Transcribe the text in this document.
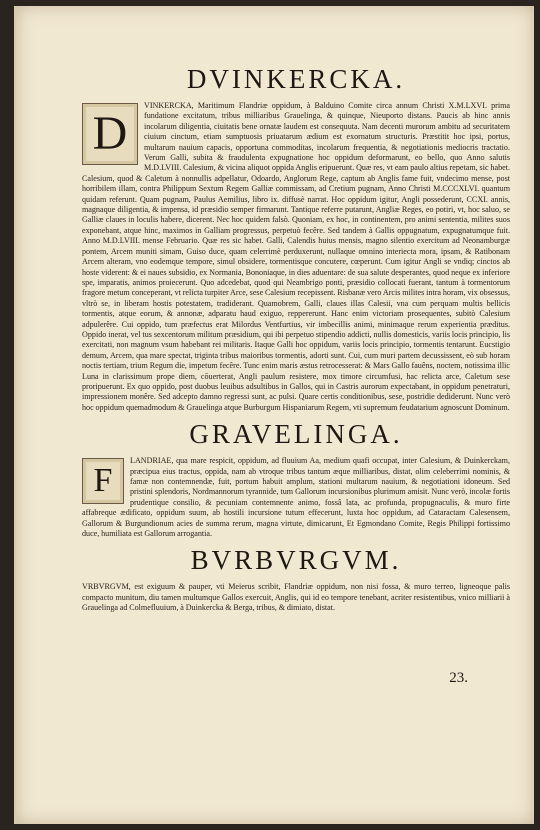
DVINKERCKA.
D

VINKERCKA, Maritimum Flandriæ oppidum, à Balduino Comite circa annum Christi X.M.LXVI. prima fundatione excitatum, tribus milliaribus Grauelinga, & quinque, Nieuporto distans. Paucis ab hinc annis incolarum diligentia, ciuitatis bene ornatæ laudem est consequuta. Nam decenti murorum ambitu ad securitatem ciuium cinctum, etiam sumptuosis priuatarum ædium est exornatum structuris. Præstitit hoc ipsi, portus, multarum nauium capacis, opportuna commoditas, incolarum frequentia, & negotiationis mediocris tractatio. Verum Galli, subita & fraudulenta expugnatione hoc oppidum deformarunt, eo bello, quo Anno salutis M.D.LVIII. Calesium, & vicina aliquot oppida Anglis eripuerunt. Quæ res, vt eam paulo altius repetam, sic habet. Calesium, quod & Caletum à nonnullis adpellatur, Odoardo, Anglorum Rege, captum ab Anglis fame fuit, vndecimo mense, post horribilem illam, contra Philippum Sextum Regem Galliæ commissam, ad Cretium pugnam, Anno Christi M.CCCXLVI. quantum quidam referunt. Quam pugnam, Paulus Aemilius, libro ix. diffusè narrat. Hoc oppidum igitur, Angli possederunt, CCXI. annis, magnaque diligentia, & impensa, id præsidio semper firmarunt. Tantique referre putarunt, Angliæ Reges, eo potiri, vt, hoc saluo, se Galliæ claues in loculis habere, dicerent. Nec hoc quidem falsò. Quoniam, ex hoc, in continentem, pro animi sententia, milites suos exponebant, atque hinc, maximos in Galliam progressus, perpetuò fecêre. Sed tandem à Gallis oppugnatum, expugnatumque fuit. Anno M.D.LVIII. mense Februario. Quæ res sic habet. Galli, Calendis huius mensis, magno silentio exercitum ad Neonamburgæ pontem, Arcem muniti simam, Guiso duce, quam celerrimè perduxerunt, nullaque omnino interiecta mora, ipsam, & Ratibonam Arcem alteram, vno eodemque tempore, simul obsidere, tormentisque concutere, cœperunt. Cum igitur Angli se vndiq; cinctos ab hoste viderent: & ei naues subsidio, ex Normania, Bononiaque, in dies aduentare: de sua salute desperantes, quod neque ex inferiore spe, imparatis, animos proiecerunt. Quo adcedebat, quod qui Neambrigo ponti, præsidio collocati fuerant, tantum à tormentorum fragore metum conceperant, vt relicta turpiter Arce, sese Calesium recepissent. Risbanæ vero Arcis milites intra horam, vix obsessus, vltrò se, in liberam hostis potestatem, tradiderant. Quamobrem, Galli, claues illas Calesii, vna cum perquam multis bellicis tormentis, atque eorum, & annonæ, adparatu haud exiguo, reppererunt. Hanc enim victoriam prosequentes, subitò Calesium adpulerêre. Cui oppido, tum præfectus erat Milordus Ventfurtius, vir imbecillis animi, minimaque rerum experientia præditus. Oppido inerat, vel tus sexcentorum militum præsidium, qui ibi perpetuo stipendio addicti, nullis domesticis, variis locis principio, lis exercitati, non magnum vsum habebant rei militaris. Itaque Galli hoc oppidum, variis locis principio, tormentis tentarunt. Eucstigio demum, Arcem, qua mare spectat, triginta tribus maioribus tormentis, adorti sunt. Cui, cum muri partem decussissent, eò sub horam noctis tertiam, trium Regum die, impetum fecêre. Tunc enim maris æstus retrocesserat: & Mars Gallo fauêns, noctem, notissima illic Luna in clarissimum prope diem, cōuerterat, Angli paulum resistere, mox timore circumfusi, hac relicta arce, Caletum sese proripuerunt. Ex quo oppido, post duobus leuibus adsultibus in Gallos, qui in Castris aurorum expectabant, in oppidum penetraturi, impressionem monêre. Sed adcepto damno regressi sunt, ac pulsi. Quare certis conditionibus, sese, postridie dediderunt. Nunc verò hoc oppidum quemadmodum & Grauelinga atque Burburgum Hispaniarum Regem, vti supremum feudatarium agnoscunt Dominum.

GRAVELINGA.
F

LANDRIAE, qua mare respicit, oppidum, ad fluuium Aa, medium quafi occupat, inter Calesium, & Duinkerckam, præcipua eius tractus, oppida, nam ab vtroque tribus tantum æque milliaribus, distat, olim celeberrimi nominis, & famæ non contemnendæ, fuit, portum habuit amplum, stationi multarum nauium, & negotiationi idoneum. Sed pristini splendoris, Nordmannorum tyrannide, tum Gallorum incursionibus plurimum amisit. Nunc verò, incolæ fortis prudentique consilio, & pecuniam contemnente animo, fossâ lata, ac profunda, propugnaculis, & muro firte affabreque ædificato, oppidum suum, ab hostili incursione tutum effecerunt, luxta hoc oppidum, ad Cataractam Calesensem, Gallorum & Burgundionum acies de summa rerum, magna virtute, dimicarunt, Et Egmondano Comite, Regis Philippi fortissimo duce, humiliata est Gallorum arrogantia.

BVRBVRGVM.

VRBVRGVM, est exiguum & pauper, vti Meierus scribit, Flandriæ oppidum, non nisi fossa, & muro terreo, ligneoque palis compacto munitum, diu tamen multumque Gallos exercuit, Anglis, qui id eo tempore tenebant, acriter resistentibus, vnico milliarii à Grauelinga ad Colmefluuium, à Duinkercka & Berga, tribus, & dimiato, distat.

23.
